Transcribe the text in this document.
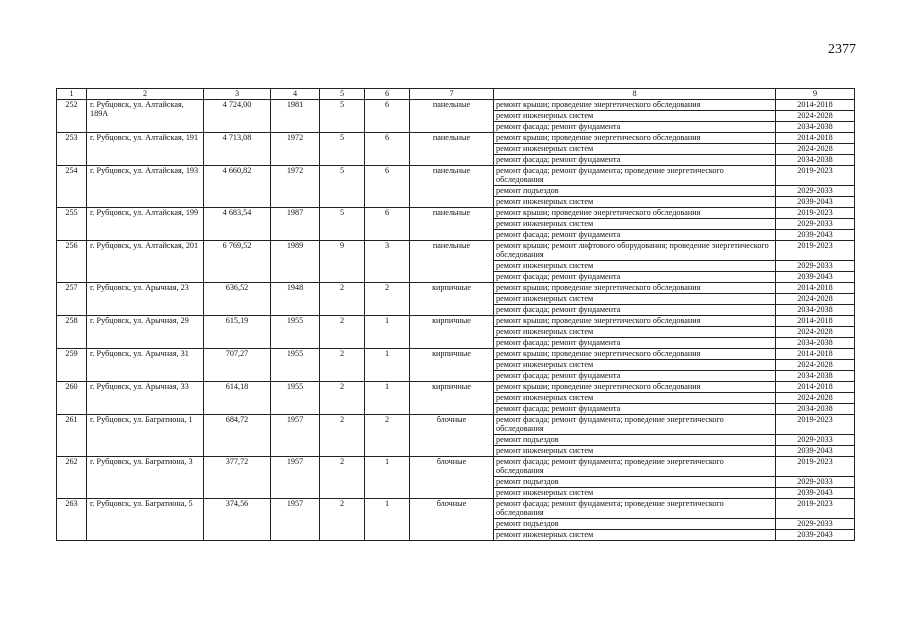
2377
1	2	3	4	5	6	7	8	9
252	г. Рубцовск, ул. Алтайская, 189А	4 724,00	1981	5	6	панельные	ремонт крыши; проведение энергетического обследования	2014-2018
							ремонт инженерных систем	2024-2028
							ремонт фасада; ремонт фундамента	2034-2038
253	г. Рубцовск, ул. Алтайская, 191	4 713,08	1972	5	6	панельные	ремонт крыши; проведение энергетического обследования	2014-2018
							ремонт инженерных систем	2024-2028
							ремонт фасада; ремонт фундамента	2034-2038
254	г. Рубцовск, ул. Алтайская, 193	4 660,82	1972	5	6	панельные	ремонт фасада; ремонт фундамента; проведение энергетического обследования	2019-2023
							ремонт подъездов	2029-2033
							ремонт инженерных систем	2039-2043
255	г. Рубцовск, ул. Алтайская, 199	4 683,54	1987	5	6	панельные	ремонт крыши; проведение энергетического обследования	2019-2023
							ремонт инженерных систем	2029-2033
							ремонт фасада; ремонт фундамента	2039-2043
256	г. Рубцовск, ул. Алтайская, 201	6 769,52	1989	9	3	панельные	ремонт крыши; ремонт лифтового оборудования; проведение энергетического обследования	2019-2023
							ремонт инженерных систем	2029-2033
							ремонт фасада; ремонт фундамента	2039-2043
257	г. Рубцовск, ул. Арычная, 23	636,52	1948	2	2	кирпичные	ремонт крыши; проведение энергетического обследования	2014-2018
							ремонт инженерных систем	2024-2028
							ремонт фасада; ремонт фундамента	2034-2038
258	г. Рубцовск, ул. Арычная, 29	615,19	1955	2	1	кирпичные	ремонт крыши; проведение энергетического обследования	2014-2018
							ремонт инженерных систем	2024-2028
							ремонт фасада; ремонт фундамента	2034-2038
259	г. Рубцовск, ул. Арычная, 31	707,27	1955	2	1	кирпичные	ремонт крыши; проведение энергетического обследования	2014-2018
							ремонт инженерных систем	2024-2028
							ремонт фасада; ремонт фундамента	2034-2038
260	г. Рубцовск, ул. Арычная, 33	614,18	1955	2	1	кирпичные	ремонт крыши; проведение энергетического обследования	2014-2018
							ремонт инженерных систем	2024-2028
							ремонт фасада; ремонт фундамента	2034-2038
261	г. Рубцовск, ул. Багратиона, 1	684,72	1957	2	2	блочные	ремонт фасада; ремонт фундамента; проведение энергетического обследования	2019-2023
							ремонт подъездов	2029-2033
							ремонт инженерных систем	2039-2043
262	г. Рубцовск, ул. Багратиона, 3	377,72	1957	2	1	блочные	ремонт фасада; ремонт фундамента; проведение энергетического обследования	2019-2023
							ремонт подъездов	2029-2033
							ремонт инженерных систем	2039-2043
263	г. Рубцовск, ул. Багратиона, 5	374,56	1957	2	1	блочные	ремонт фасада; ремонт фундамента; проведение энергетического обследования	2019-2023
							ремонт подъездов	2029-2033
							ремонт инженерных систем	2039-2043
